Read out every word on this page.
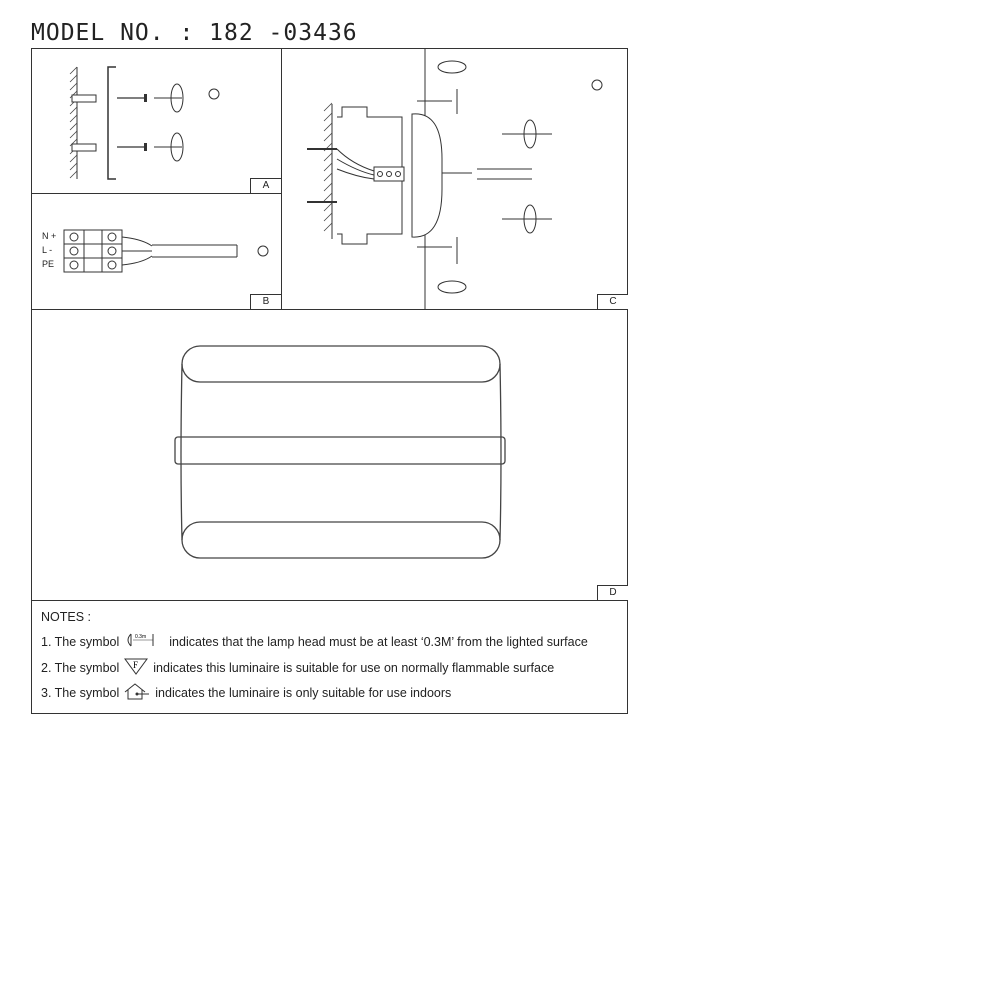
MODEL NO. : 182 -03436
A
N +
L -
PE
B	C
D
NOTES :
1. The symbol	0.3m indicates that the lamp head must be at least ‘0.3M’ from the lighted surface
2. The symbol F indicates this luminaire is suitable for use on normally flammable surface
3. The symbol	indicates the luminaire is only suitable for use indoors
